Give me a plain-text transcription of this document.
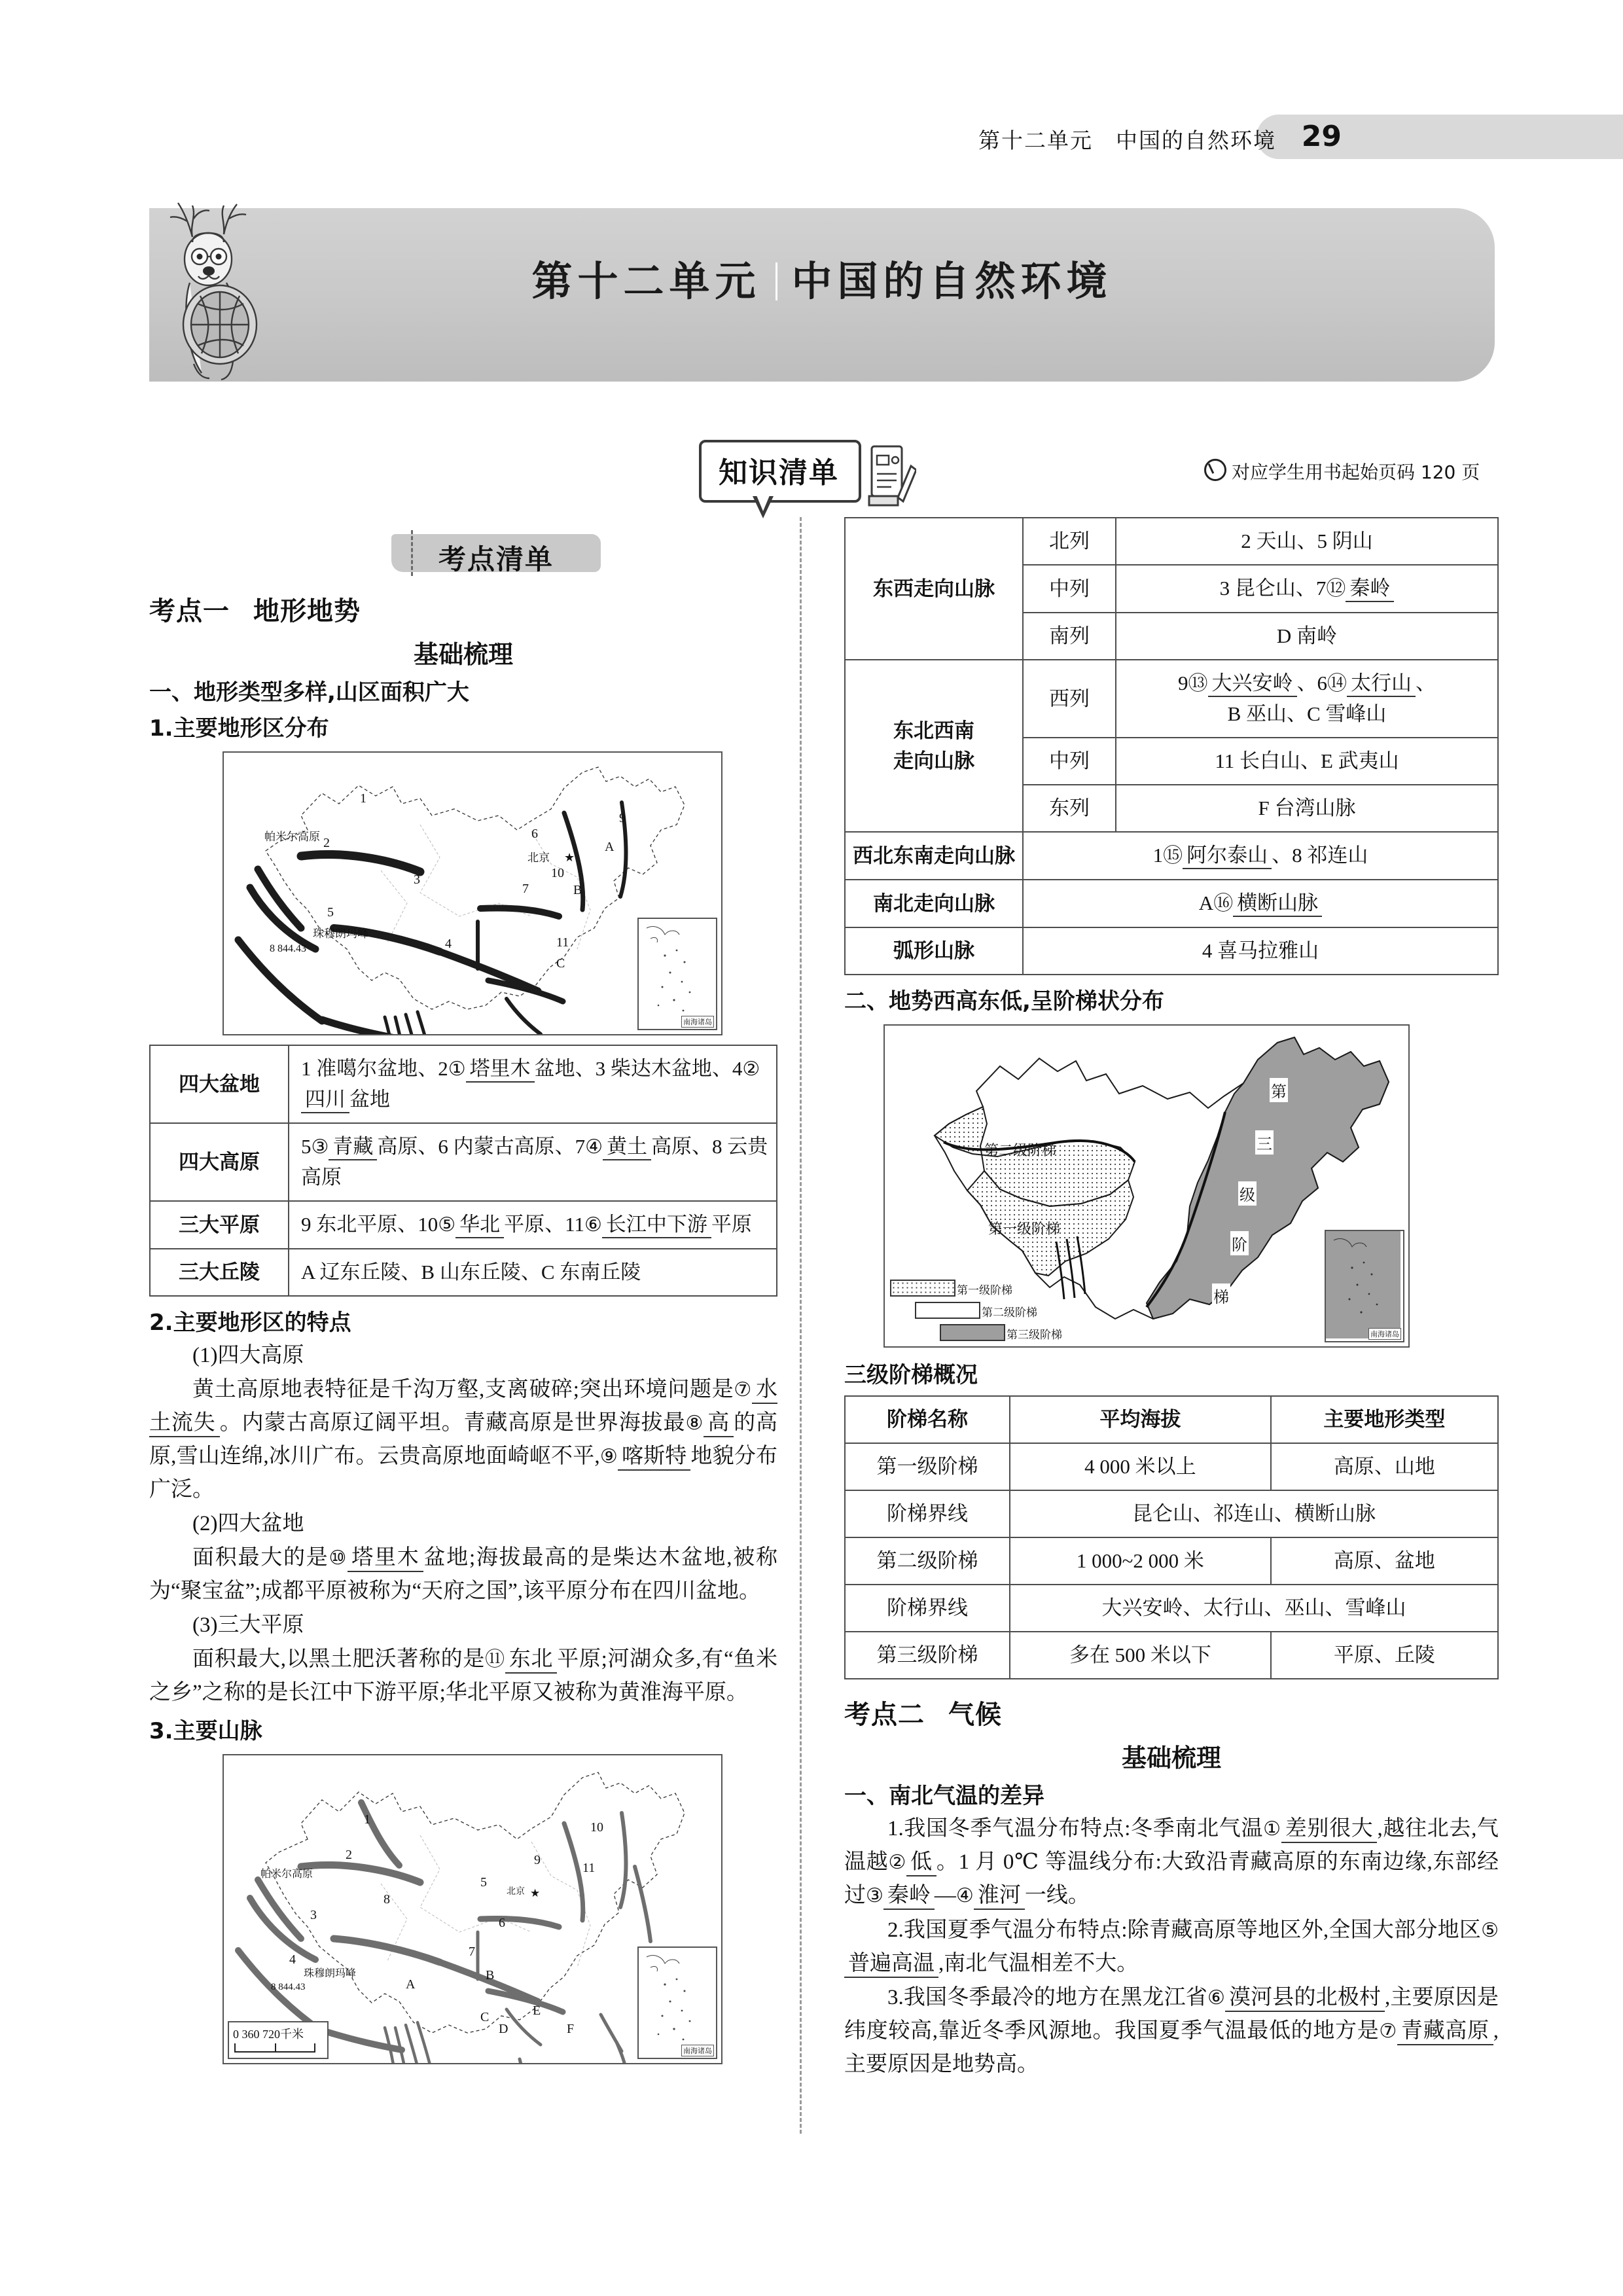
第十二单元　中国的自然环境 29
第十二单元 中国的自然环境
知识清单	对应学生用书起始页码 120 页
考点清单
考点一 地形地势
基础梳理
一、地形类型多样,山区面积广大
1.主要地形区分布
1
2
3
4
5
6
7
9
10
11
A
B
C
帕米尔高原
珠穆朗玛峰
8 844.43
北京 ★
南海诸岛
四大盆地	1 准噶尔盆地、2① 塔里木 盆地、3 柴达木盆地、4②四川 盆地
四大高原	5③ 青藏 高原、6 内蒙古高原、7④ 黄土 高原、8 云贵高原
三大平原	9 东北平原、10⑤ 华北 平原、11⑥ 长江中下游 平原
三大丘陵	A 辽东丘陵、B 山东丘陵、C 东南丘陵
2.主要地形区的特点

(1)四大高原

黄土高原地表特征是千沟万壑,支离破碎;突出环境问题是⑦ 水土流失 。内蒙古高原辽阔平坦。青藏高原是世界海拔最⑧ 高 的高原,雪山连绵,冰川广布。云贵高原地面崎岖不平,⑨ 喀斯特 地貌分布广泛。

(2)四大盆地

面积最大的是⑩ 塔里木 盆地;海拔最高的是柴达木盆地,被称为“聚宝盆”;成都平原被称为“天府之国”,该平原分布在四川盆地。

(3)三大平原

面积最大,以黑土肥沃著称的是⑪ 东北 平原;河湖众多,有“鱼米之乡”之称的是长江中下游平原;华北平原又被称为黄淮海平原。

3.主要山脉
1
2
3
4
5
6
7
8
9
10
11
A
B
C
D
E
F
帕米尔高原
珠穆朗玛峰
8 844.43
北京 ★
0 360 720千米
南海诸岛
东西走向山脉	北列	2 天山、5 阴山
	中列	3 昆仑山、7⑫ 秦岭
	南列	D 南岭
东北西南
走向山脉	西列	9⑬ 大兴安岭 、6⑭ 太行山 、
B 巫山、C 雪峰山
	中列	11 长白山、E 武夷山
	东列	F 台湾山脉
西北东南走向山脉	1⑮ 阿尔泰山 、8 祁连山	
南北走向山脉	A⑯ 横断山脉	
弧形山脉	4 喜马拉雅山	
二、地势西高东低,呈阶梯状分布
第二级阶梯
第一级阶梯
第
三
级
阶
梯
第一级阶梯
第二级阶梯
第三级阶梯	南海诸岛
三级阶梯概况
阶梯名称	平均海拔	主要地形类型
第一级阶梯	4 000 米以上	高原、山地
阶梯界线	昆仑山、祁连山、横断山脉	
第二级阶梯	1 000~2 000 米	高原、盆地
阶梯界线	大兴安岭、太行山、巫山、雪峰山	
第三级阶梯	多在 500 米以下	平原、丘陵
考点二 气候
基础梳理
一、南北气温的差异

1.我国冬季气温分布特点:冬季南北气温① 差别很大 ,越往北去,气温越② 低 。1 月 0℃ 等温线分布:大致沿青藏高原的东南边缘,东部经过③ 秦岭 —④ 淮河 一线。

2.我国夏季气温分布特点:除青藏高原等地区外,全国大部分地区⑤普遍高温 ,南北气温相差不大。

3.我国冬季最冷的地方在黑龙江省⑥ 漠河县的北极村 ,主要原因是纬度较高,靠近冬季风源地。我国夏季气温最低的地方是⑦ 青藏高原 ,主要原因是地势高。
